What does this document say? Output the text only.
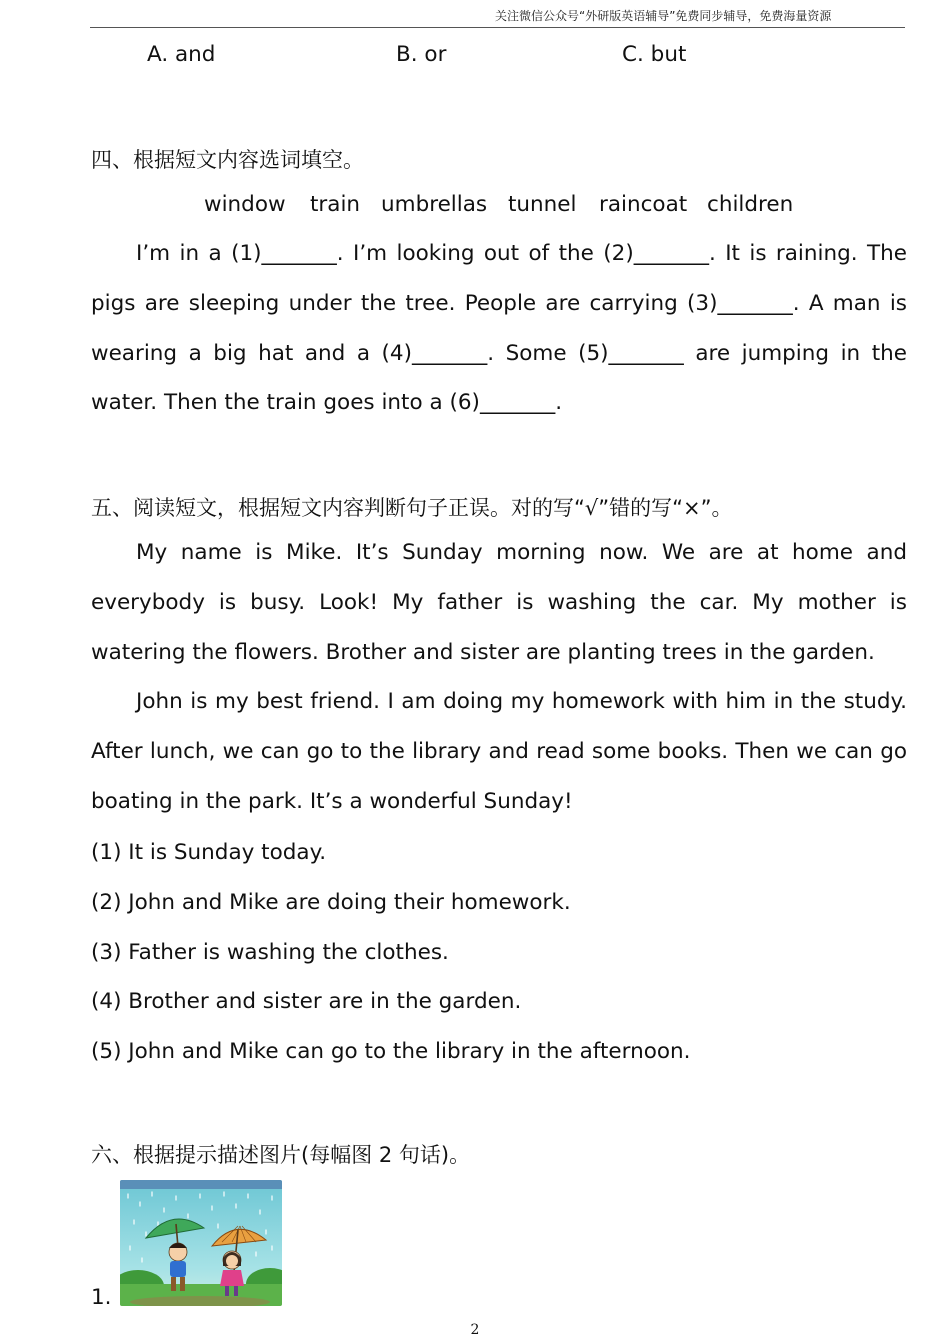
关注微信公众号“外研版英语辅导”免费同步辅导，免费海量资源
A. and	B. or	C. but
四、根据短文内容选词填空。
window train umbrellas tunnel raincoat children
I’m in a (1)_______. I’m looking out of the (2)_______. It is raining. The pigs are sleeping under the tree. People are carrying (3)_______. A man is wearing a big hat and a (4)_______. Some (5)_______ are jumping in the water. Then the train goes into a (6)_______.
五、阅读短文，根据短文内容判断句子正误。对的写“√”错的写“×”。
My name is Mike. It’s Sunday morning now. We are at home and everybody is busy. Look! My father is washing the car. My mother is watering the flowers. Brother and sister are planting trees in the garden.
John is my best friend. I am doing my homework with him in the study. After lunch, we can go to the library and read some books. Then we can go boating in the park. It’s a wonderful Sunday!
(1) It is Sunday today.
(2) John and Mike are doing their homework.
(3) Father is washing the clothes.
(4) Brother and sister are in the garden.
(5) John and Mike can go to the library in the afternoon.
六、根据提示描述图片(每幅图 2 句话)。
1.
2
